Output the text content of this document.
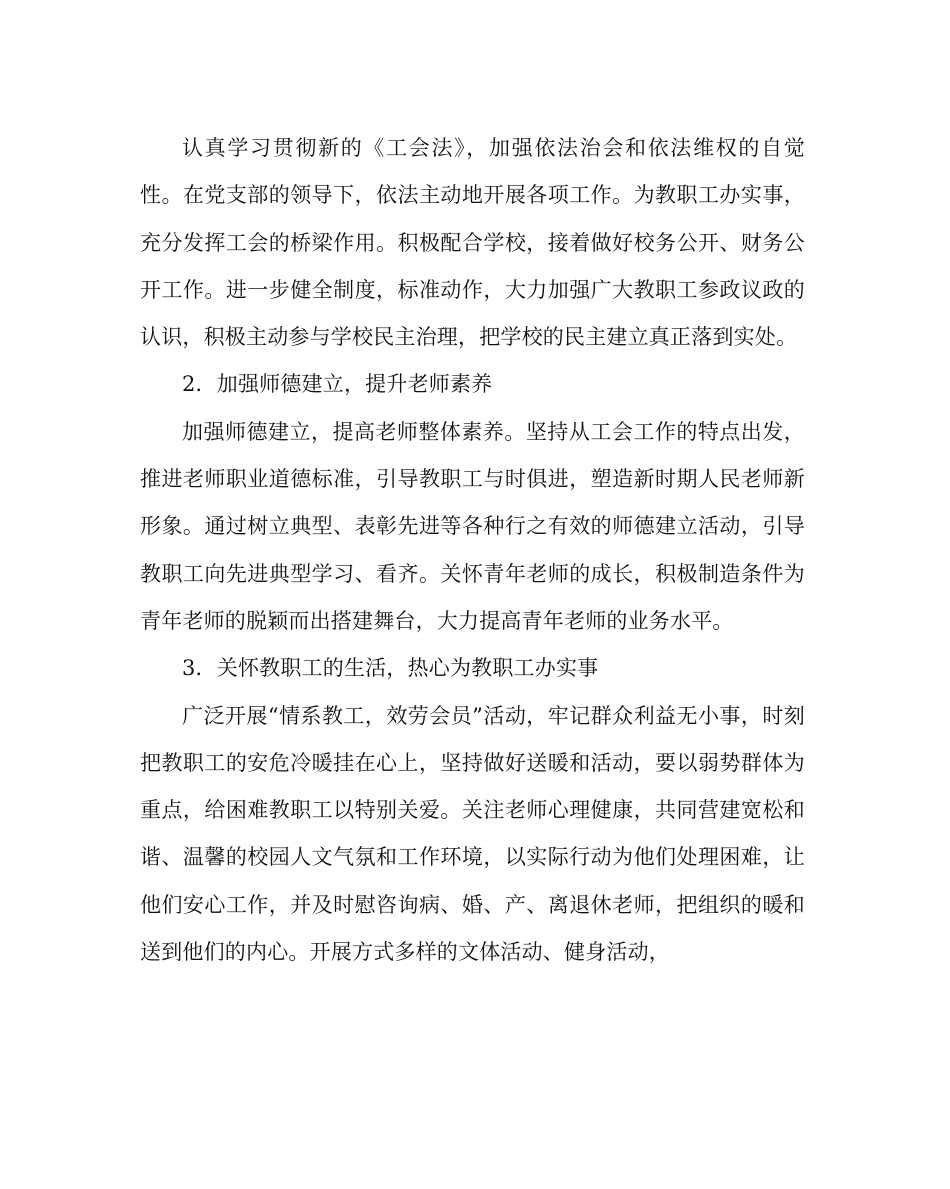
认真学习贯彻新的《工会法》，加强依法治会和依法维权的自觉性。在党支部的领导下，依法主动地开展各项工作。为教职工办实事，充分发挥工会的桥梁作用。积极配合学校，接着做好校务公开、财务公开工作。进一步健全制度，标准动作，大力加强广大教职工参政议政的认识，积极主动参与学校民主治理，把学校的民主建立真正落到实处。

2．加强师德建立，提升老师素养

加强师德建立，提高老师整体素养。坚持从工会工作的特点出发，推进老师职业道德标准，引导教职工与时俱进，塑造新时期人民老师新形象。通过树立典型、表彰先进等各种行之有效的师德建立活动，引导教职工向先进典型学习、看齐。关怀青年老师的成长，积极制造条件为青年老师的脱颖而出搭建舞台，大力提高青年老师的业务水平。

3．关怀教职工的生活，热心为教职工办实事

广泛开展“情系教工，效劳会员”活动，牢记群众利益无小事，时刻把教职工的安危冷暖挂在心上，坚持做好送暖和活动，要以弱势群体为重点，给困难教职工以特别关爱。关注老师心理健康，共同营建宽松和谐、温馨的校园人文气氛和工作环境，以实际行动为他们处理困难，让他们安心工作，并及时慰咨询病、婚、产、离退休老师，把组织的暖和送到他们的内心。开展方式多样的文体活动、健身活动，
